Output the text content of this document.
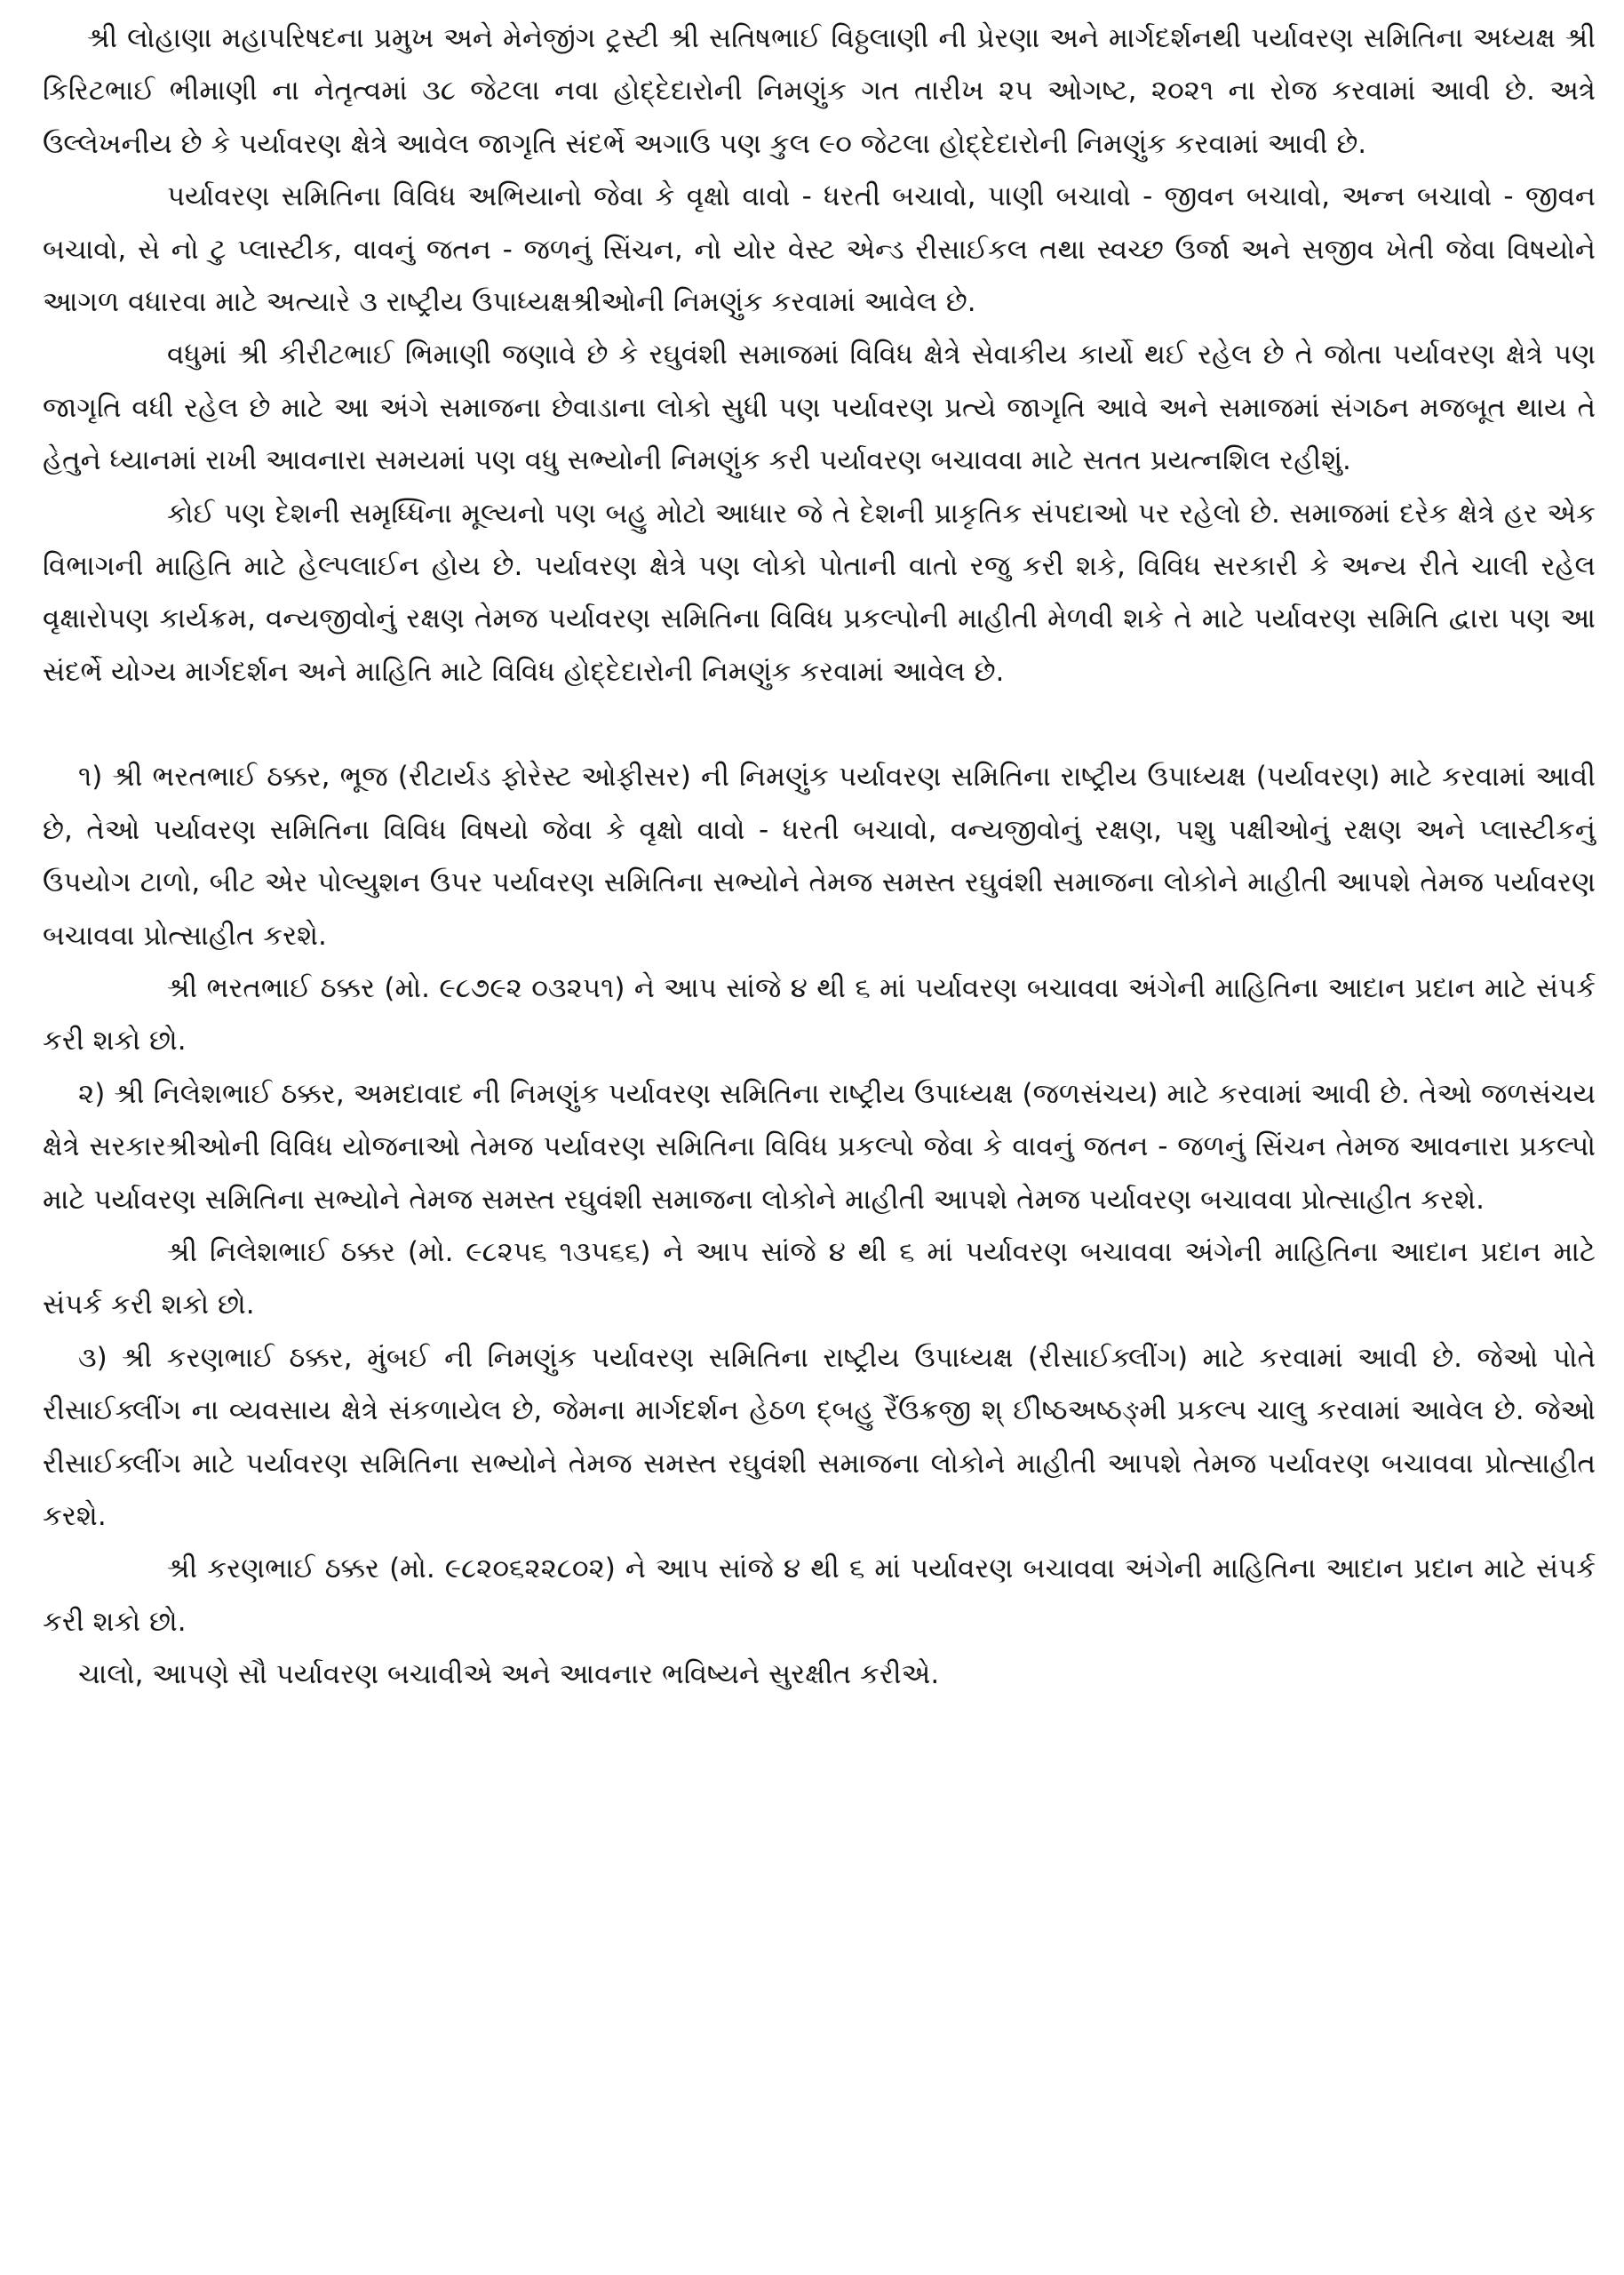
શ્રી લોહાણા મહાપરિષદના પ્રમુખ અને મેનેજીંગ ટ્રસ્ટી શ્રી સતિષભાઈ વિઠ્ઠલાણી ની પ્રેરણા અને માર્ગદર્શનથી પર્યાવરણ સમિતિના અધ્યક્ષ શ્રી કિરિટભાઈ ભીમાણી ના નેતૃત્વમાં ૩૮ જેટલા નવા હોદ્દેદારોની નિમણુંક ગત તારીખ ૨૫ ઓગષ્ટ, ૨૦૨૧ ના રોજ કરવામાં આવી છે. અત્રે ઉલ્લેખનીય છે કે પર્યાવરણ ક્ષેત્રે આવેલ જાગૃતિ સંદર્ભે અગાઉ પણ કુલ ૯૦ જેટલા હોદ્દેદારોની નિમણુંક કરવામાં આવી છે.

પર્યાવરણ સમિતિના વિવિધ અભિયાનો જેવા કે વૃક્ષો વાવો - ધરતી બચાવો, પાણી બચાવો - જીવન બચાવો, અન્ન બચાવો - જીવન બચાવો, સે નો ટુ પ્લાસ્ટીક, વાવનું જતન - જળનું સિંચન, નો યોર વેસ્ટ એન્ડ રીસાઈકલ તથા સ્વચ્છ ઉર્જા અને સજીવ ખેતી જેવા વિષયોને આગળ વધારવા માટે અત્યારે ૩ રાષ્ટ્રીય ઉપાધ્યક્ષશ્રીઓની નિમણુંક કરવામાં આવેલ છે.

વધુમાં શ્રી કીરીટભાઈ ભિમાણી જણાવે છે કે રઘુવંશી સમાજમાં વિવિધ ક્ષેત્રે સેવાકીય કાર્યો થઈ રહેલ છે તે જોતા પર્યાવરણ ક્ષેત્રે પણ જાગૃતિ વધી રહેલ છે માટે આ અંગે સમાજના છેવાડાના લોકો સુધી પણ પર્યાવરણ પ્રત્યે જાગૃતિ આવે અને સમાજમાં સંગઠન મજબૂત થાય તે હેતુને ધ્યાનમાં રાખી આવનારા સમયમાં પણ વધુ સભ્યોની નિમણુંક કરી પર્યાવરણ બચાવવા માટે સતત પ્રયત્નશિલ રહીશું.

કોઈ પણ દેશની સમૃધ્ધિના મૂલ્યનો પણ બહુ મોટો આધાર જે તે દેશની પ્રાકૃતિક સંપદાઓ પર રહેલો છે. સમાજમાં દરેક ક્ષેત્રે હર એક વિભાગની માહિતિ માટે હેલ્પલાઈન હોય છે. પર્યાવરણ ક્ષેત્રે પણ લોકો પોતાની વાતો રજુ કરી શકે, વિવિધ સરકારી કે અન્ય રીતે ચાલી રહેલ વૃક્ષારોપણ કાર્યક્રમ, વન્યજીવોનું રક્ષણ તેમજ પર્યાવરણ સમિતિના વિવિધ પ્રકલ્પોની માહીતી મેળવી શકે તે માટે પર્યાવરણ સમિતિ દ્વારા પણ આ સંદર્ભે યોગ્ય માર્ગદર્શન અને માહિતિ માટે વિવિધ હોદ્દેદારોની નિમણુંક કરવામાં આવેલ છે.

૧) શ્રી ભરતભાઈ ઠક્કર, ભૂજ (રીટાર્યડ ફોરેસ્ટ ઓફીસર) ની નિમણુંક પર્યાવરણ સમિતિના રાષ્ટ્રીય ઉપાધ્યક્ષ (પર્યાવરણ) માટે કરવામાં આવી છે, તેઓ પર્યાવરણ સમિતિના વિવિધ વિષયો જેવા કે વૃક્ષો વાવો - ધરતી બચાવો, વન્યજીવોનું રક્ષણ, પશુ પક્ષીઓનું રક્ષણ અને પ્લાસ્ટીકનું ઉપયોગ ટાળો, બીટ એર પોલ્યુશન ઉપર પર્યાવરણ સમિતિના સભ્યોને તેમજ સમસ્ત રઘુવંશી સમાજના લોકોને માહીતી આપશે તેમજ પર્યાવરણ બચાવવા પ્રોત્સાહીત કરશે.

શ્રી ભરતભાઈ ઠક્કર (મો. ૯૮૭૯૨ ૦૩૨૫૧) ને આપ સાંજે ૪ થી ૬ માં પર્યાવરણ બચાવવા અંગેની માહિતિના આદાન પ્રદાન માટે સંપર્ક કરી શકો છો.

૨) શ્રી નિલેશભાઈ ઠક્કર, અમદાવાદ ની નિમણુંક પર્યાવરણ સમિતિના રાષ્ટ્રીય ઉપાધ્યક્ષ (જળસંચય) માટે કરવામાં આવી છે. તેઓ જળસંચય ક્ષેત્રે સરકારશ્રીઓની વિવિધ યોજનાઓ તેમજ પર્યાવરણ સમિતિના વિવિધ પ્રકલ્પો જેવા કે વાવનું જતન - જળનું સિંચન તેમજ આવનારા પ્રકલ્પો માટે પર્યાવરણ સમિતિના સભ્યોને તેમજ સમસ્ત રઘુવંશી સમાજના લોકોને માહીતી આપશે તેમજ પર્યાવરણ બચાવવા પ્રોત્સાહીત કરશે.

શ્રી નિલેશભાઈ ઠક્કર (મો. ૯૮૨૫૬ ૧૩૫૬૬) ને આપ સાંજે ૪ થી ૬ માં પર્યાવરણ બચાવવા અંગેની માહિતિના આદાન પ્રદાન માટે સંપર્ક કરી શકો છો.

૩) શ્રી કરણભાઈ ઠક્કર, મુંબઈ ની નિમણુંક પર્યાવરણ સમિતિના રાષ્ટ્રીય ઉપાધ્યક્ષ (રીસાઈક્લીંગ) માટે કરવામાં આવી છે. જેઓ પોતે રીસાઈક્લીંગ ના વ્યવસાય ક્ષેત્રે સંકળાયેલ છે, જેમના માર્ગદર્શન હેઠળ દ્બહુ રૈંઉક્રજી શ્ ઈીષ્ઠઅષ્ઠઙ્મી પ્રકલ્પ ચાલુ કરવામાં આવેલ છે. જેઓ રીસાઈક્લીંગ માટે પર્યાવરણ સમિતિના સભ્યોને તેમજ સમસ્ત રઘુવંશી સમાજના લોકોને માહીતી આપશે તેમજ પર્યાવરણ બચાવવા પ્રોત્સાહીત કરશે.

શ્રી કરણભાઈ ઠક્કર (મો. ૯૮૨૦૬૨૨૮૦૨) ને આપ સાંજે ૪ થી ૬ માં પર્યાવરણ બચાવવા અંગેની માહિતિના આદાન પ્રદાન માટે સંપર્ક કરી શકો છો.

ચાલો, આપણે સૌ પર્યાવરણ બચાવીએ અને આવનાર ભવિષ્યને સુરક્ષીત કરીએ.
